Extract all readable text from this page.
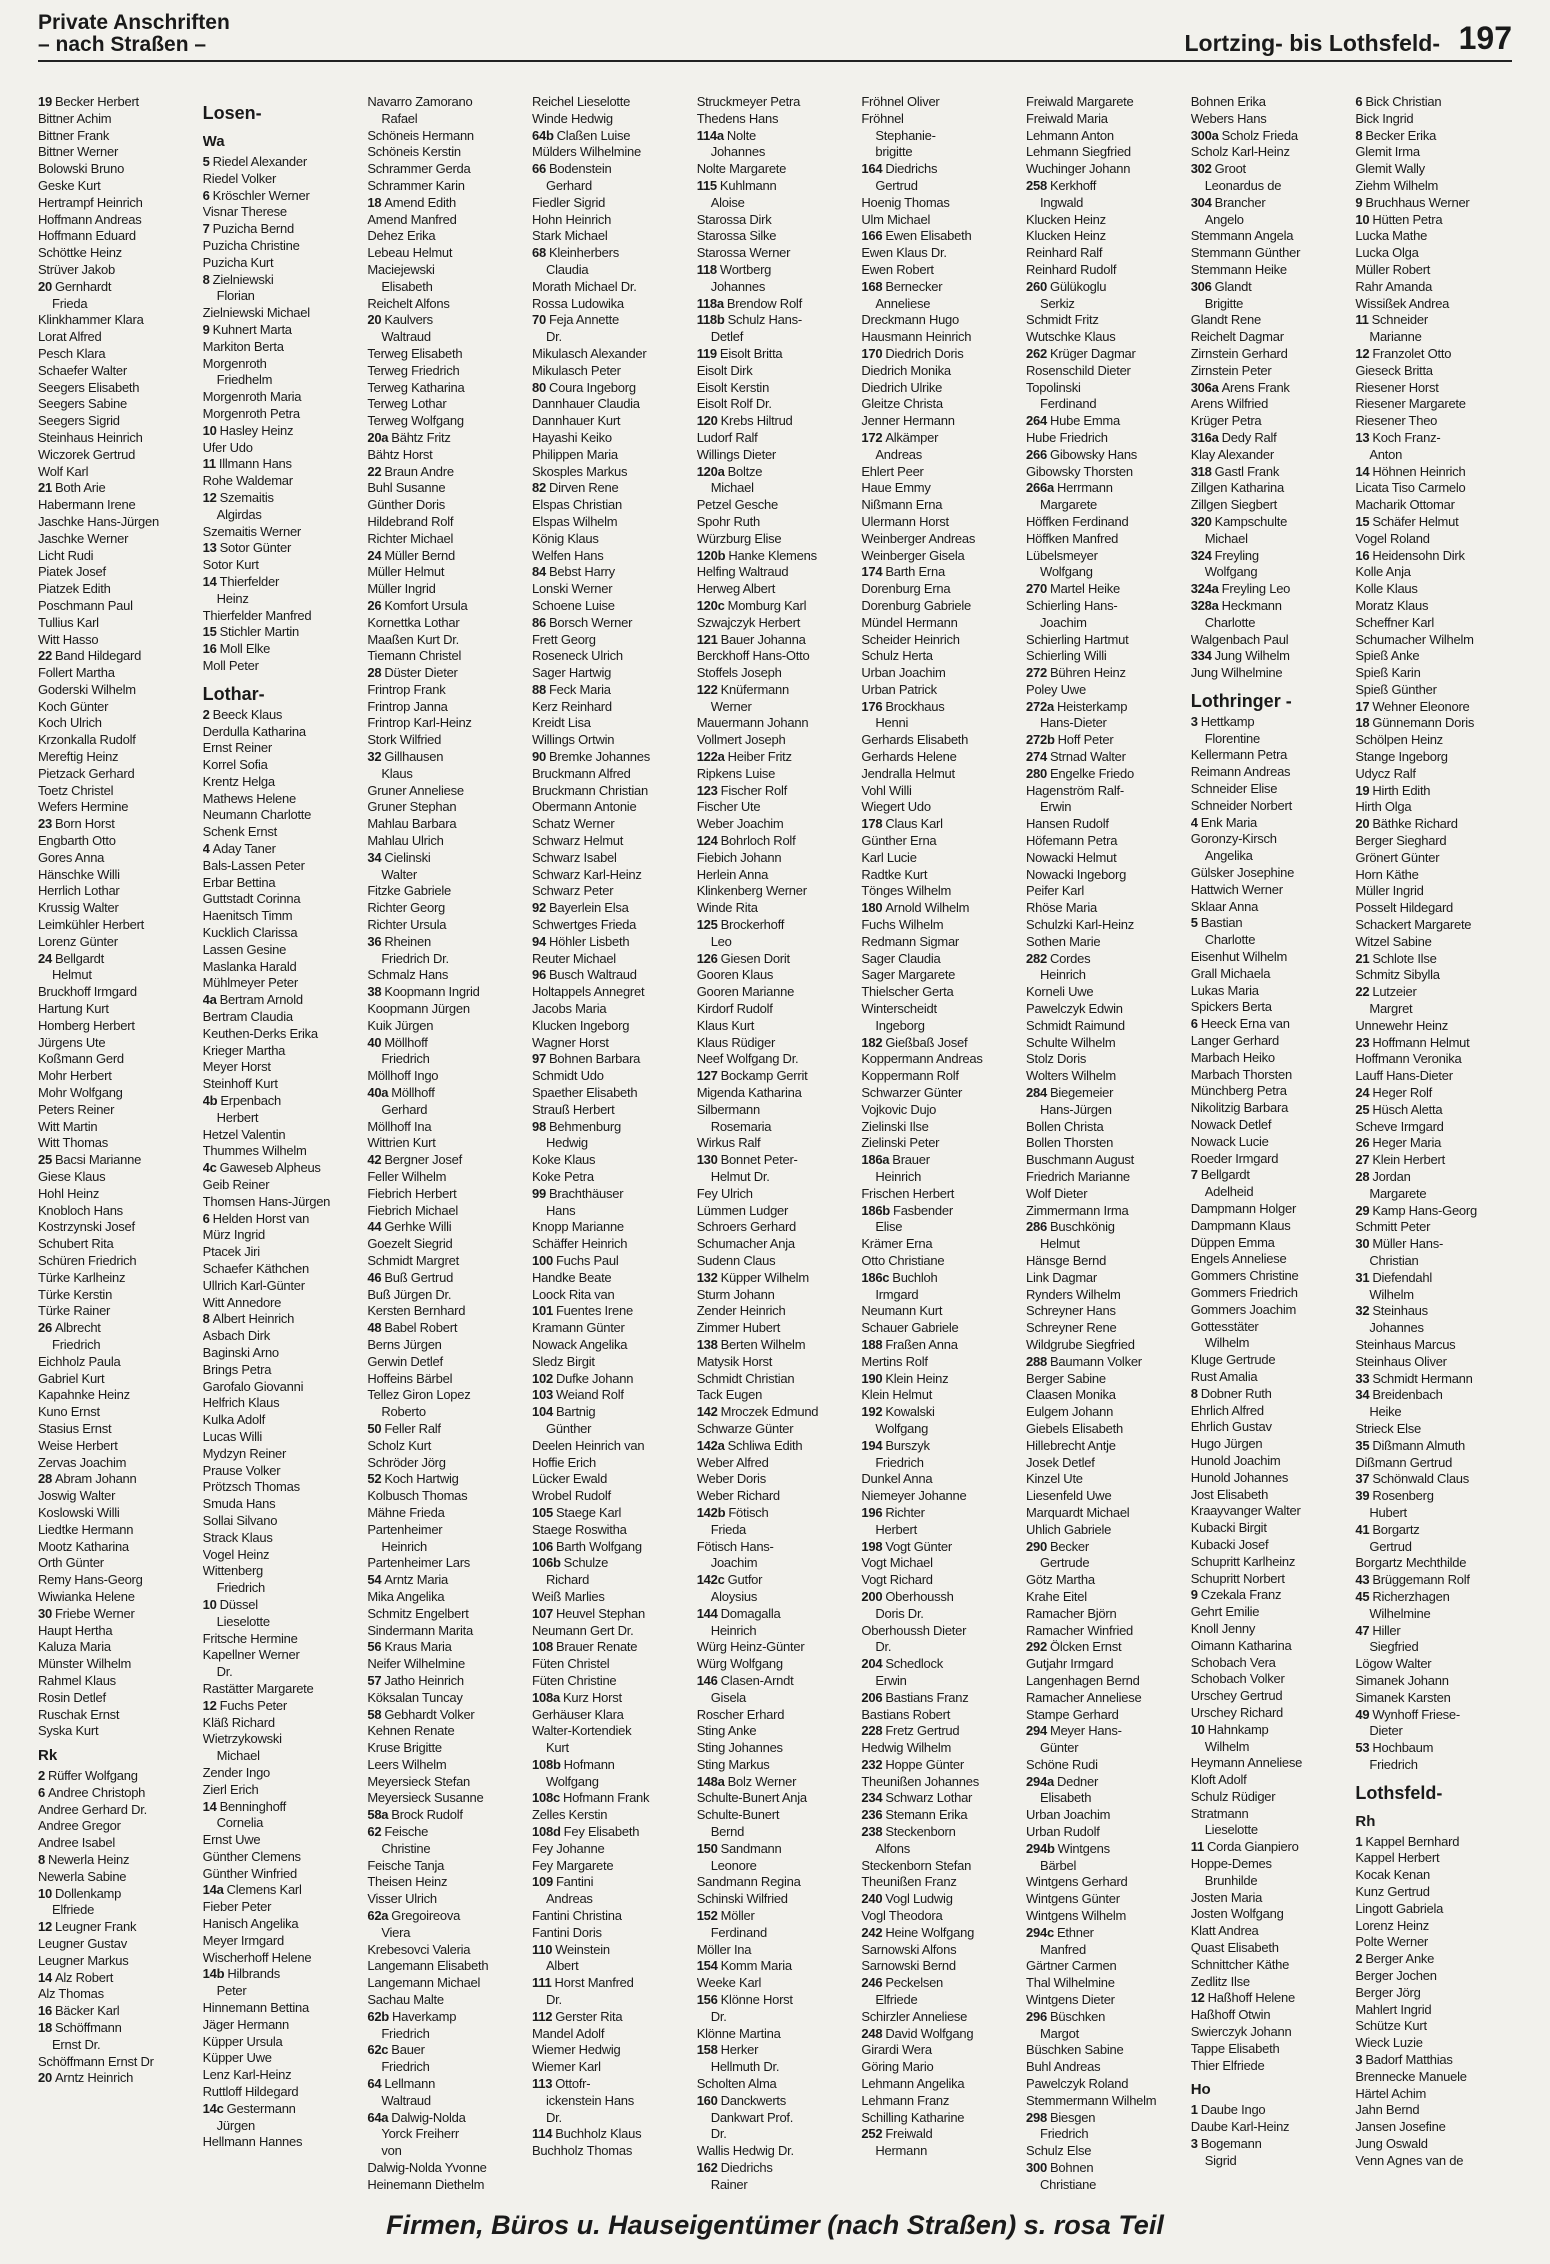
Private Anschriften
– nach Straßen –	Lortzing- bis Lothsfeld- 197
19 Becker Herbert
Bittner Achim
Bittner Frank
Bittner Werner
Bolowski Bruno
Geske Kurt
Hertrampf Heinrich
Hoffmann Andreas
Hoffmann Eduard
Schöttke Heinz
Strüver Jakob
20 Gernhardt
Frieda
Klinkhammer Klara
Lorat Alfred
Pesch Klara
Schaefer Walter
Seegers Elisabeth
Seegers Sabine
Seegers Sigrid
Steinhaus Heinrich
Wiczorek Gertrud
Wolf Karl
21 Both Arie
Habermann Irene
Jaschke Hans-Jürgen
Jaschke Werner
Licht Rudi
Piatek Josef
Piatzek Edith
Poschmann Paul
Tullius Karl
Witt Hasso
22 Band Hildegard
Follert Martha
Goderski Wilhelm
Koch Günter
Koch Ulrich
Krzonkalla Rudolf
Mereftig Heinz
Pietzack Gerhard
Toetz Christel
Wefers Hermine
23 Born Horst
Engbarth Otto
Gores Anna
Hänschke Willi
Herrlich Lothar
Krussig Walter
Leimkühler Herbert
Lorenz Günter
24 Bellgardt
Helmut
Bruckhoff Irmgard
Hartung Kurt
Homberg Herbert
Jürgens Ute
Koßmann Gerd
Mohr Herbert
Mohr Wolfgang
Peters Reiner
Witt Martin
Witt Thomas
25 Bacsi Marianne
Giese Klaus
Hohl Heinz
Knobloch Hans
Kostrzynski Josef
Schubert Rita
Schüren Friedrich
Türke Karlheinz
Türke Kerstin
Türke Rainer
26 Albrecht
Friedrich
Eichholz Paula
Gabriel Kurt
Kapahnke Heinz
Kuno Ernst
Stasius Ernst
Weise Herbert
Zervas Joachim
28 Abram Johann
Joswig Walter
Koslowski Willi
Liedtke Hermann
Mootz Katharina
Orth Günter
Remy Hans-Georg
Wiwianka Helene
30 Friebe Werner
Haupt Hertha
Kaluza Maria
Münster Wilhelm
Rahmel Klaus
Rosin Detlef
Ruschak Ernst
Syska Kurt
Rk
2 Rüffer Wolfgang
6 Andree Christoph
Andree Gerhard Dr.
Andree Gregor
Andree Isabel
8 Newerla Heinz
Newerla Sabine
10 Dollenkamp
Elfriede
12 Leugner Frank
Leugner Gustav
Leugner Markus
14 Alz Robert
Alz Thomas
16 Bäcker Karl
18 Schöffmann
Ernst Dr.
Schöffmann Ernst Dr
20 Arntz Heinrich
Losen-
Wa
5 Riedel Alexander
Riedel Volker
6 Kröschler Werner
Visnar Therese
7 Puzicha Bernd
Puzicha Christine
Puzicha Kurt
8 Zielniewski
Florian
Zielniewski Michael
9 Kuhnert Marta
Markiton Berta
Morgenroth
Friedhelm
Morgenroth Maria
Morgenroth Petra
10 Hasley Heinz
Ufer Udo
11 Illmann Hans
Rohe Waldemar
12 Szemaitis
Algirdas
Szemaitis Werner
13 Sotor Günter
Sotor Kurt
14 Thierfelder
Heinz
Thierfelder Manfred
15 Stichler Martin
16 Moll Elke
Moll Peter
Lothar-
2 Beeck Klaus
Derdulla Katharina
Ernst Reiner
Korrel Sofia
Krentz Helga
Mathews Helene
Neumann Charlotte
Schenk Ernst
4 Aday Taner
Bals-Lassen Peter
Erbar Bettina
Guttstadt Corinna
Haenitsch Timm
Kucklich Clarissa
Lassen Gesine
Maslanka Harald
Mühlmeyer Peter
4a Bertram Arnold
Bertram Claudia
Keuthen-Derks Erika
Krieger Martha
Meyer Horst
Steinhoff Kurt
4b Erpenbach
Herbert
Hetzel Valentin
Thummes Wilhelm
4c Gaweseb Alpheus
Geib Reiner
Thomsen Hans-Jürgen
6 Helden Horst van
Mürz Ingrid
Ptacek Jiri
Schaefer Käthchen
Ullrich Karl-Günter
Witt Annedore
8 Albert Heinrich
Asbach Dirk
Baginski Arno
Brings Petra
Garofalo Giovanni
Helfrich Klaus
Kulka Adolf
Lucas Willi
Mydzyn Reiner
Prause Volker
Prötzsch Thomas
Smuda Hans
Sollai Silvano
Strack Klaus
Vogel Heinz
Wittenberg
Friedrich
10 Düssel
Lieselotte
Fritsche Hermine
Kapellner Werner
Dr.
Rastätter Margarete
12 Fuchs Peter
Kläß Richard
Wietrzykowski
Michael
Zender Ingo
Zierl Erich
14 Benninghoff
Cornelia
Ernst Uwe
Günther Clemens
Günther Winfried
14a Clemens Karl
Fieber Peter
Hanisch Angelika
Meyer Irmgard
Wischerhoff Helene
14b Hilbrands
Peter
Hinnemann Bettina
Jäger Hermann
Küpper Ursula
Küpper Uwe
Lenz Karl-Heinz
Ruttloff Hildegard
14c Gestermann
Jürgen
Hellmann Hannes
Navarro Zamorano
Rafael
Schöneis Hermann
Schöneis Kerstin
Schrammer Gerda
Schrammer Karin
18 Amend Edith
Amend Manfred
Dehez Erika
Lebeau Helmut
Maciejewski
Elisabeth
Reichelt Alfons
20 Kaulvers
Waltraud
Terweg Elisabeth
Terweg Friedrich
Terweg Katharina
Terweg Lothar
Terweg Wolfgang
20a Bähtz Fritz
Bähtz Horst
22 Braun Andre
Buhl Susanne
Günther Doris
Hildebrand Rolf
Richter Michael
24 Müller Bernd
Müller Helmut
Müller Ingrid
26 Komfort Ursula
Kornettka Lothar
Maaßen Kurt Dr.
Tiemann Christel
28 Düster Dieter
Frintrop Frank
Frintrop Janna
Frintrop Karl-Heinz
Stork Wilfried
32 Gillhausen
Klaus
Gruner Anneliese
Gruner Stephan
Mahlau Barbara
Mahlau Ulrich
34 Cielinski
Walter
Fitzke Gabriele
Richter Georg
Richter Ursula
36 Rheinen
Friedrich Dr.
Schmalz Hans
38 Koopmann Ingrid
Koopmann Jürgen
Kuik Jürgen
40 Möllhoff
Friedrich
Möllhoff Ingo
40a Möllhoff
Gerhard
Möllhoff Ina
Wittrien Kurt
42 Bergner Josef
Feller Wilhelm
Fiebrich Herbert
Fiebrich Michael
44 Gerhke Willi
Goezelt Siegrid
Schmidt Margret
46 Buß Gertrud
Buß Jürgen Dr.
Kersten Bernhard
48 Babel Robert
Berns Jürgen
Gerwin Detlef
Hoffeins Bärbel
Tellez Giron Lopez
Roberto
50 Feller Ralf
Scholz Kurt
Schröder Jörg
52 Koch Hartwig
Kolbusch Thomas
Mähne Frieda
Partenheimer
Heinrich
Partenheimer Lars
54 Arntz Maria
Mika Angelika
Schmitz Engelbert
Sindermann Marita
56 Kraus Maria
Neifer Wilhelmine
57 Jatho Heinrich
Köksalan Tuncay
58 Gebhardt Volker
Kehnen Renate
Kruse Brigitte
Leers Wilhelm
Meyersieck Stefan
Meyersieck Susanne
58a Brock Rudolf
62 Feische
Christine
Feische Tanja
Theisen Heinz
Visser Ulrich
62a Gregoireova
Viera
Krebesovci Valeria
Langemann Elisabeth
Langemann Michael
Sachau Malte
62b Haverkamp
Friedrich
62c Bauer
Friedrich
64 Lellmann
Waltraud
64a Dalwig-Nolda
Yorck Freiherr
von
Dalwig-Nolda Yvonne
Heinemann Diethelm
Reichel Lieselotte
Winde Hedwig
64b Claßen Luise
Mülders Wilhelmine
66 Bodenstein
Gerhard
Fiedler Sigrid
Hohn Heinrich
Stark Michael
68 Kleinherbers
Claudia
Morath Michael Dr.
Rossa Ludowika
70 Feja Annette
Dr.
Mikulasch Alexander
Mikulasch Peter
80 Coura Ingeborg
Dannhauer Claudia
Dannhauer Kurt
Hayashi Keiko
Philippen Maria
Skosples Markus
82 Dirven Rene
Elspas Christian
Elspas Wilhelm
König Klaus
Welfen Hans
84 Bebst Harry
Lonski Werner
Schoene Luise
86 Borsch Werner
Frett Georg
Roseneck Ulrich
Sager Hartwig
88 Feck Maria
Kerz Reinhard
Kreidt Lisa
Willings Ortwin
90 Bremke Johannes
Bruckmann Alfred
Bruckmann Christian
Obermann Antonie
Schatz Werner
Schwarz Helmut
Schwarz Isabel
Schwarz Karl-Heinz
Schwarz Peter
92 Bayerlein Elsa
Schwertges Frieda
94 Höhler Lisbeth
Reuter Michael
96 Busch Waltraud
Holtappels Annegret
Jacobs Maria
Klucken Ingeborg
Wagner Horst
97 Bohnen Barbara
Schmidt Udo
Spaether Elisabeth
Strauß Herbert
98 Behmenburg
Hedwig
Koke Klaus
Koke Petra
99 Brachthäuser
Hans
Knopp Marianne
Schäffer Heinrich
100 Fuchs Paul
Handke Beate
Loock Rita van
101 Fuentes Irene
Kramann Günter
Nowack Angelika
Sledz Birgit
102 Dufke Johann
103 Weiand Rolf
104 Bartnig
Günther
Deelen Heinrich van
Hoffie Erich
Lücker Ewald
Wrobel Rudolf
105 Staege Karl
Staege Roswitha
106 Barth Wolfgang
106b Schulze
Richard
Weiß Marlies
107 Heuvel Stephan
Neumann Gert Dr.
108 Brauer Renate
Füten Christel
Füten Christine
108a Kurz Horst
Gerhäuser Klara
Walter-Kortendiek
Kurt
108b Hofmann
Wolfgang
108c Hofmann Frank
Zelles Kerstin
108d Fey Elisabeth
Fey Johanne
Fey Margarete
109 Fantini
Andreas
Fantini Christina
Fantini Doris
110 Weinstein
Albert
111 Horst Manfred
Dr.
112 Gerster Rita
Mandel Adolf
Wiemer Hedwig
Wiemer Karl
113 Ottofr-
ickenstein Hans
Dr.
114 Buchholz Klaus
Buchholz Thomas
Struckmeyer Petra
Thedens Hans
114a Nolte
Johannes
Nolte Margarete
115 Kuhlmann
Aloise
Starossa Dirk
Starossa Silke
Starossa Werner
118 Wortberg
Johannes
118a Brendow Rolf
118b Schulz Hans-
Detlef
119 Eisolt Britta
Eisolt Dirk
Eisolt Kerstin
Eisolt Rolf Dr.
120 Krebs Hiltrud
Ludorf Ralf
Willings Dieter
120a Boltze
Michael
Petzel Gesche
Spohr Ruth
Würzburg Elise
120b Hanke Klemens
Helfing Waltraud
Herweg Albert
120c Momburg Karl
Szwajczyk Herbert
121 Bauer Johanna
Berckhoff Hans-Otto
Stoffels Joseph
122 Knüfermann
Werner
Mauermann Johann
Vollmert Joseph
122a Heiber Fritz
Ripkens Luise
123 Fischer Rolf
Fischer Ute
Weber Joachim
124 Bohrloch Rolf
Fiebich Johann
Herlein Anna
Klinkenberg Werner
Winde Rita
125 Brockerhoff
Leo
126 Giesen Dorit
Gooren Klaus
Gooren Marianne
Kirdorf Rudolf
Klaus Kurt
Klaus Rüdiger
Neef Wolfgang Dr.
127 Bockamp Gerrit
Migenda Katharina
Silbermann
Rosemaria
Wirkus Ralf
130 Bonnet Peter-
Helmut Dr.
Fey Ulrich
Lümmen Ludger
Schroers Gerhard
Schumacher Anja
Sudenn Claus
132 Küpper Wilhelm
Sturm Johann
Zender Heinrich
Zimmer Hubert
138 Berten Wilhelm
Matysik Horst
Schmidt Christian
Tack Eugen
142 Mroczek Edmund
Schwarze Günter
142a Schliwa Edith
Weber Alfred
Weber Doris
Weber Richard
142b Fötisch
Frieda
Fötisch Hans-
Joachim
142c Gutfor
Aloysius
144 Domagalla
Heinrich
Würg Heinz-Günter
Würg Wolfgang
146 Clasen-Arndt
Gisela
Roscher Erhard
Sting Anke
Sting Johannes
Sting Markus
148a Bolz Werner
Schulte-Bunert Anja
Schulte-Bunert
Bernd
150 Sandmann
Leonore
Sandmann Regina
Schinski Wilfried
152 Möller
Ferdinand
Möller Ina
154 Komm Maria
Weeke Karl
156 Klönne Horst
Dr.
Klönne Martina
158 Herker
Hellmuth Dr.
Scholten Alma
160 Danckwerts
Dankwart Prof.
Dr.
Wallis Hedwig Dr.
162 Diedrichs
Rainer
Fröhnel Oliver
Fröhnel
Stephanie-
brigitte
164 Diedrichs
Gertrud
Hoenig Thomas
Ulm Michael
166 Ewen Elisabeth
Ewen Klaus Dr.
Ewen Robert
168 Bernecker
Anneliese
Dreckmann Hugo
Hausmann Heinrich
170 Diedrich Doris
Diedrich Monika
Diedrich Ulrike
Gleitze Christa
Jenner Hermann
172 Alkämper
Andreas
Ehlert Peer
Haue Emmy
Nißmann Erna
Ulermann Horst
Weinberger Andreas
Weinberger Gisela
174 Barth Erna
Dorenburg Erna
Dorenburg Gabriele
Mündel Hermann
Scheider Heinrich
Schulz Herta
Urban Joachim
Urban Patrick
176 Brockhaus
Henni
Gerhards Elisabeth
Gerhards Helene
Jendralla Helmut
Vohl Willi
Wiegert Udo
178 Claus Karl
Günther Erna
Karl Lucie
Radtke Kurt
Tönges Wilhelm
180 Arnold Wilhelm
Fuchs Wilhelm
Redmann Sigmar
Sager Claudia
Sager Margarete
Thielscher Gerta
Winterscheidt
Ingeborg
182 Gießbaß Josef
Koppermann Andreas
Koppermann Rolf
Schwarzer Günter
Vojkovic Dujo
Zielinski Ilse
Zielinski Peter
186a Brauer
Heinrich
Frischen Herbert
186b Fasbender
Elise
Krämer Erna
Otto Christiane
186c Buchloh
Irmgard
Neumann Kurt
Schauer Gabriele
188 Fraßen Anna
Mertins Rolf
190 Klein Heinz
Klein Helmut
192 Kowalski
Wolfgang
194 Burszyk
Friedrich
Dunkel Anna
Niemeyer Johanne
196 Richter
Herbert
198 Vogt Günter
Vogt Michael
Vogt Richard
200 Oberhoussh
Doris Dr.
Oberhoussh Dieter
Dr.
204 Schedlock
Erwin
206 Bastians Franz
Bastians Robert
228 Fretz Gertrud
Hedwig Wilhelm
232 Hoppe Günter
Theunißen Johannes
234 Schwarz Lothar
236 Stemann Erika
238 Steckenborn
Alfons
Steckenborn Stefan
Theunißen Franz
240 Vogl Ludwig
Vogl Theodora
242 Heine Wolfgang
Sarnowski Alfons
Sarnowski Bernd
246 Peckelsen
Elfriede
Schirzler Anneliese
248 David Wolfgang
Girardi Wera
Göring Mario
Lehmann Angelika
Lehmann Franz
Schilling Katharine
252 Freiwald
Hermann
Freiwald Margarete
Freiwald Maria
Lehmann Anton
Lehmann Siegfried
Wuchinger Johann
258 Kerkhoff
Ingwald
Klucken Heinz
Klucken Heinz
Reinhard Ralf
Reinhard Rudolf
260 Gülükoglu
Serkiz
Schmidt Fritz
Wutschke Klaus
262 Krüger Dagmar
Rosenschild Dieter
Topolinski
Ferdinand
264 Hube Emma
Hube Friedrich
266 Gibowsky Hans
Gibowsky Thorsten
266a Herrmann
Margarete
Höffken Ferdinand
Höffken Manfred
Lübelsmeyer
Wolfgang
270 Martel Heike
Schierling Hans-
Joachim
Schierling Hartmut
Schierling Willi
272 Bühren Heinz
Poley Uwe
272a Heisterkamp
Hans-Dieter
272b Hoff Peter
274 Strnad Walter
280 Engelke Friedo
Hagenström Ralf-
Erwin
Hansen Rudolf
Höfemann Petra
Nowacki Helmut
Nowacki Ingeborg
Peifer Karl
Rhöse Maria
Schulzki Karl-Heinz
Sothen Marie
282 Cordes
Heinrich
Korneli Uwe
Pawelczyk Edwin
Schmidt Raimund
Schulte Wilhelm
Stolz Doris
Wolters Wilhelm
284 Biegemeier
Hans-Jürgen
Bollen Christa
Bollen Thorsten
Buschmann August
Friedrich Marianne
Wolf Dieter
Zimmermann Irma
286 Buschkönig
Helmut
Hänsge Bernd
Link Dagmar
Rynders Wilhelm
Schreyner Hans
Schreyner Rene
Wildgrube Siegfried
288 Baumann Volker
Berger Sabine
Claasen Monika
Eulgem Johann
Giebels Elisabeth
Hillebrecht Antje
Josek Detlef
Kinzel Ute
Liesenfeld Uwe
Marquardt Michael
Uhlich Gabriele
290 Becker
Gertrude
Götz Martha
Krahe Eitel
Ramacher Björn
Ramacher Winfried
292 Ölcken Ernst
Gutjahr Irmgard
Langenhagen Bernd
Ramacher Anneliese
Stampe Gerhard
294 Meyer Hans-
Günter
Schöne Rudi
294a Dedner
Elisabeth
Urban Joachim
Urban Rudolf
294b Wintgens
Bärbel
Wintgens Gerhard
Wintgens Günter
Wintgens Wilhelm
294c Ethner
Manfred
Gärtner Carmen
Thal Wilhelmine
Wintgens Dieter
296 Büschken
Margot
Büschken Sabine
Buhl Andreas
Pawelczyk Roland
Stemmermann Wilhelm
298 Biesgen
Friedrich
Schulz Else
300 Bohnen
Christiane
Bohnen Erika
Webers Hans
300a Scholz Frieda
Scholz Karl-Heinz
302 Groot
Leonardus de
304 Brancher
Angelo
Stemmann Angela
Stemmann Günther
Stemmann Heike
306 Glandt
Brigitte
Glandt Rene
Reichelt Dagmar
Zirnstein Gerhard
Zirnstein Peter
306a Arens Frank
Arens Wilfried
Krüger Petra
316a Dedy Ralf
Klay Alexander
318 Gastl Frank
Zillgen Katharina
Zillgen Siegbert
320 Kampschulte
Michael
324 Freyling
Wolfgang
324a Freyling Leo
328a Heckmann
Charlotte
Walgenbach Paul
334 Jung Wilhelm
Jung Wilhelmine
Lothringer -
3 Hettkamp
Florentine
Kellermann Petra
Reimann Andreas
Schneider Elise
Schneider Norbert
4 Enk Maria
Goronzy-Kirsch
Angelika
Gülsker Josephine
Hattwich Werner
Sklaar Anna
5 Bastian
Charlotte
Eisenhut Wilhelm
Grall Michaela
Lukas Maria
Spickers Berta
6 Heeck Erna van
Langer Gerhard
Marbach Heiko
Marbach Thorsten
Münchberg Petra
Nikolitzig Barbara
Nowack Detlef
Nowack Lucie
Roeder Irmgard
7 Bellgardt
Adelheid
Dampmann Holger
Dampmann Klaus
Düppen Emma
Engels Anneliese
Gommers Christine
Gommers Friedrich
Gommers Joachim
Gottesstäter
Wilhelm
Kluge Gertrude
Rust Amalia
8 Dobner Ruth
Ehrlich Alfred
Ehrlich Gustav
Hugo Jürgen
Hunold Joachim
Hunold Johannes
Jost Elisabeth
Kraayvanger Walter
Kubacki Birgit
Kubacki Josef
Schupritt Karlheinz
Schupritt Norbert
9 Czekala Franz
Gehrt Emilie
Knoll Jenny
Oimann Katharina
Schobach Vera
Schobach Volker
Urschey Gertrud
Urschey Richard
10 Hahnkamp
Wilhelm
Heymann Anneliese
Kloft Adolf
Schulz Rüdiger
Stratmann
Lieselotte
11 Corda Gianpiero
Hoppe-Demes
Brunhilde
Josten Maria
Josten Wolfgang
Klatt Andrea
Quast Elisabeth
Schnittcher Käthe
Zedlitz Ilse
12 Haßhoff Helene
Haßhoff Otwin
Swierczyk Johann
Tappe Elisabeth
Thier Elfriede
Ho
1 Daube Ingo
Daube Karl-Heinz
3 Bogemann
Sigrid
6 Bick Christian
Bick Ingrid
8 Becker Erika
Glemit Irma
Glemit Wally
Ziehm Wilhelm
9 Bruchhaus Werner
10 Hütten Petra
Lucka Mathe
Lucka Olga
Müller Robert
Rahr Amanda
Wissißek Andrea
11 Schneider
Marianne
12 Franzolet Otto
Gieseck Britta
Riesener Horst
Riesener Margarete
Riesener Theo
13 Koch Franz-
Anton
14 Höhnen Heinrich
Licata Tiso Carmelo
Macharik Ottomar
15 Schäfer Helmut
Vogel Roland
16 Heidensohn Dirk
Kolle Anja
Kolle Klaus
Moratz Klaus
Scheffner Karl
Schumacher Wilhelm
Spieß Anke
Spieß Karin
Spieß Günther
17 Wehner Eleonore
18 Günnemann Doris
Schölpen Heinz
Stange Ingeborg
Udycz Ralf
19 Hirth Edith
Hirth Olga
20 Bäthke Richard
Berger Sieghard
Grönert Günter
Horn Käthe
Müller Ingrid
Posselt Hildegard
Schackert Margarete
Witzel Sabine
21 Schlote Ilse
Schmitz Sibylla
22 Lutzeier
Margret
Unnewehr Heinz
23 Hoffmann Helmut
Hoffmann Veronika
Lauff Hans-Dieter
24 Heger Rolf
25 Hüsch Aletta
Scheve Irmgard
26 Heger Maria
27 Klein Herbert
28 Jordan
Margarete
29 Kamp Hans-Georg
Schmitt Peter
30 Müller Hans-
Christian
31 Diefendahl
Wilhelm
32 Steinhaus
Johannes
Steinhaus Marcus
Steinhaus Oliver
33 Schmidt Hermann
34 Breidenbach
Heike
Strieck Else
35 Dißmann Almuth
Dißmann Gertrud
37 Schönwald Claus
39 Rosenberg
Hubert
41 Borgartz
Gertrud
Borgartz Mechthilde
43 Brüggemann Rolf
45 Richerzhagen
Wilhelmine
47 Hiller
Siegfried
Lögow Walter
Simanek Johann
Simanek Karsten
49 Wynhoff Friese-
Dieter
53 Hochbaum
Friedrich
Lothsfeld-
Rh
1 Kappel Bernhard
Kappel Herbert
Kocak Kenan
Kunz Gertrud
Lingott Gabriela
Lorenz Heinz
Polte Werner
2 Berger Anke
Berger Jochen
Berger Jörg
Mahlert Ingrid
Schütze Kurt
Wieck Luzie
3 Badorf Matthias
Brennecke Manuele
Härtel Achim
Jahn Bernd
Jansen Josefine
Jung Oswald
Venn Agnes van de
Firmen, Büros u. Hauseigentümer (nach Straßen) s. rosa Teil
